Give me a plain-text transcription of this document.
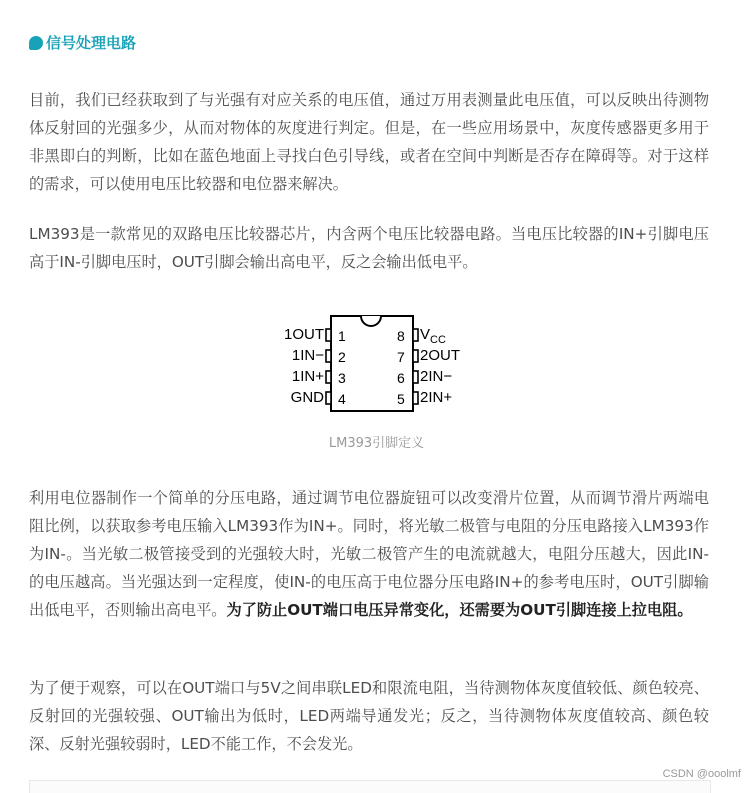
信号处理电路

目前，我们已经获取到了与光强有对应关系的电压值，通过万用表测量此电压值，可以反映出待测物体反射回的光强多少，从而对物体的灰度进行判定。但是，在一些应用场景中，灰度传感器更多用于非黑即白的判断，比如在蓝色地面上寻找白色引导线，或者在空间中判断是否存在障碍等。对于这样的需求，可以使用电压比较器和电位器来解决。

LM393是一款常见的双路电压比较器芯片，内含两个电压比较器电路。当电压比较器的IN+引脚电压高于IN-引脚电压时，OUT引脚会输出高电平，反之会输出低电平。

1OUT
1IN−
1IN+
GND
1
2
3
4
8
7
6
5
$V_{CC}$
2OUT
2IN−
2IN+
LM393引脚定义

利用电位器制作一个简单的分压电路，通过调节电位器旋钮可以改变滑片位置，从而调节滑片两端电阻比例，以获取参考电压输入LM393作为IN+。同时，将光敏二极管与电阻的分压电路接入LM393作为IN-。当光敏二极管接受到的光强较大时，光敏二极管产生的电流就越大，电阻分压越大，因此IN-的电压越高。当光强达到一定程度，使IN-的电压高于电位器分压电路IN+的参考电压时，OUT引脚输出低电平，否则输出高电平。为了防止OUT端口电压异常变化，还需要为OUT引脚连接上拉电阻。

为了便于观察，可以在OUT端口与5V之间串联LED和限流电阻，当待测物体灰度值较低、颜色较亮、反射回的光强较强、OUT输出为低时，LED两端导通发光；反之，当待测物体灰度值较高、颜色较深、反射光强较弱时，LED不能工作，不会发光。

CSDN @ooolmf
